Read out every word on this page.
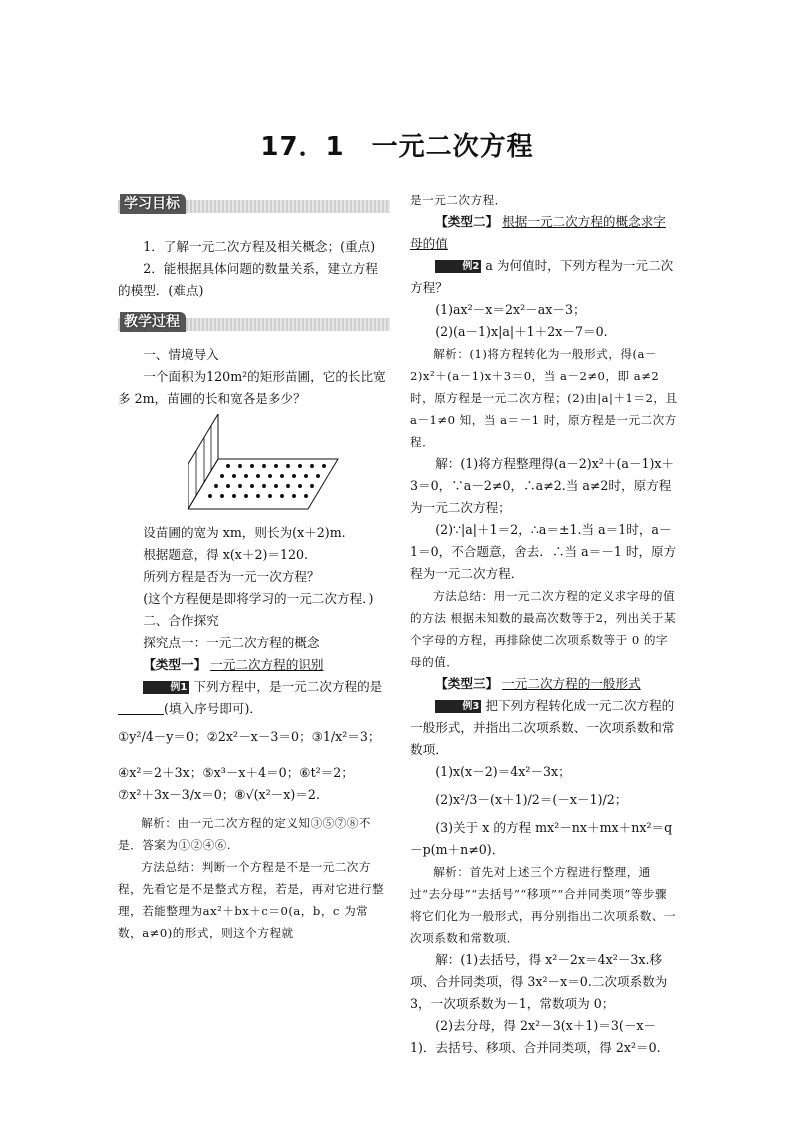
17．1　一元二次方程
学习目标

1．了解一元二次方程及相关概念；(重点)

2．能根据具体问题的数量关系，建立方程的模型．(难点)

教学过程

一、情境导入

一个面积为120m²的矩形苗圃，它的长比宽多 2m，苗圃的长和宽各是多少？

设苗圃的宽为 xm，则长为(x＋2)m.

根据题意，得 x(x＋2)＝120.

所列方程是否为一元一次方程？

(这个方程便是即将学习的一元二次方程．)

二、合作探究

探究点一：一元二次方程的概念

【类型一】 一元二次方程的识别

例1 下列方程中，是一元二次方程的是(填入序号即可)．

①y²/4－y＝0；②2x²－x－3＝0；③1/x²＝3；

④x²＝2＋3x；⑤x³－x＋4＝0；⑥t²＝2；

⑦x²＋3x－3/x＝0；⑧√(x²－x)＝2.

解析：由一元二次方程的定义知③⑤⑦⑧不是．答案为①②④⑥.

方法总结：判断一个方程是不是一元二次方程，先看它是不是整式方程，若是，再对它进行整理，若能整理为ax²＋bx＋c＝0(a，b，c 为常数，a≠0)的形式，则这个方程就

是一元二次方程．

【类型二】 根据一元二次方程的概念求字母的值

例2 a 为何值时，下列方程为一元二次方程？

(1)ax²－x＝2x²－ax－3；

(2)(a－1)x|a|＋1＋2x－7＝0.

解析：(1)将方程转化为一般形式，得(a－2)x²＋(a－1)x＋3＝0，当 a－2≠0，即 a≠2时，原方程是一元二次方程；(2)由|a|＋1＝2，且 a－1≠0 知，当 a＝－1 时，原方程是一元二次方程．

解：(1)将方程整理得(a－2)x²＋(a－1)x＋3＝0，∵a－2≠0，∴a≠2.当 a≠2时，原方程为一元二次方程；

(2)∵|a|＋1＝2，∴a＝±1.当 a＝1时，a－1＝0，不合题意，舍去．∴当 a＝－1 时，原方程为一元二次方程．

方法总结：用一元二次方程的定义求字母的值的方法 根据未知数的最高次数等于2，列出关于某个字母的方程，再排除使二次项系数等于 0 的字母的值．

【类型三】 一元二次方程的一般形式

例3 把下列方程转化成一元二次方程的一般形式，并指出二次项系数、一次项系数和常数项．

(1)x(x－2)＝4x²－3x；

(2)x²/3－(x＋1)/2＝(－x－1)/2；

(3)关于 x 的方程 mx²－nx＋mx＋nx²＝q－p(m＋n≠0)．

解析：首先对上述三个方程进行整理，通过“去分母”“去括号”“移项”“合并同类项”等步骤将它们化为一般形式，再分别指出二次项系数、一次项系数和常数项．

解：(1)去括号，得 x²－2x＝4x²－3x.移项、合并同类项，得 3x²－x＝0.二次项系数为 3，一次项系数为－1，常数项为 0；

(2)去分母，得 2x²－3(x＋1)＝3(－x－1)．去括号、移项、合并同类项，得 2x²＝0.
